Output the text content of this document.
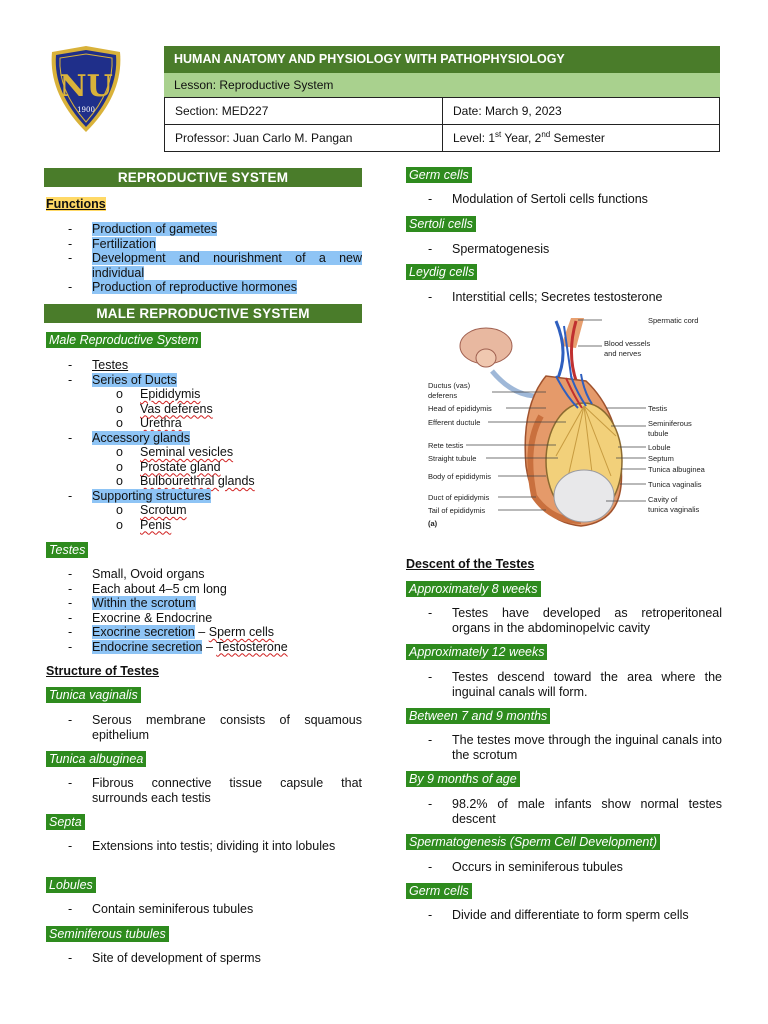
NU
1900
HUMAN ANATOMY AND PHYSIOLOGY WITH PATHOPHYSIOLOGY
Lesson: Reproductive System
Section: MED227	Date: March 9, 2023
Professor: Juan Carlo M. Pangan	Level: 1st Year, 2nd Semester
REPRODUCTIVE SYSTEM
Functions
-	Production of gametes
-	Fertilization
-	Development and nourishment of a new individual
-	Production of reproductive hormones
MALE REPRODUCTIVE SYSTEM
Male Reproductive System
-	Testes
-	Series of Ducts
o	Epididymis
o	Vas deferens
o	Urethra
-	Accessory glands
o	Seminal vesicles
o	Prostate gland
o	Bulbourethral glands
-	Supporting structures
o	Scrotum
o	Penis
Testes
-	Small, Ovoid organs
-	Each about 4–5 cm long
-	Within the scrotum
-	Exocrine & Endocrine
-	Exocrine secretion – Sperm cells
-	Endocrine secretion – Testosterone
Structure of Testes
Tunica vaginalis
-	Serous membrane consists of squamous epithelium
Tunica albuginea
-	Fibrous connective tissue capsule that surrounds each testis
Septa
-	Extensions into testis; dividing it into lobules
Lobules
-	Contain seminiferous tubules
Seminiferous tubules
-	Site of development of sperms
Germ cells
-	Modulation of Sertoli cells functions
Sertoli cells
-	Spermatogenesis
Leydig cells
-	Interstitial cells; Secretes testosterone
Spermatic cord
Blood vessels
and nerves
Ductus (vas)
deferens
Head of epididymis
Efferent ductule
Rete testis
Straight tubule
Body of epididymis
Duct of epididymis
Tail of epididymis
(a)
Testis
Seminiferous
tubule
Lobule
Septum
Tunica albuginea
Tunica vaginalis
Cavity of
tunica vaginalis
Descent of the Testes
Approximately 8 weeks
-	Testes have developed as retroperitoneal organs in the abdominopelvic cavity
Approximately 12 weeks
-	Testes descend toward the area where the inguinal canals will form.
Between 7 and 9 months
-	The testes move through the inguinal canals into the scrotum
By 9 months of age
-	98.2% of male infants show normal testes descent
Spermatogenesis (Sperm Cell Development)
-	Occurs in seminiferous tubules
Germ cells
-	Divide and differentiate to form sperm cells
